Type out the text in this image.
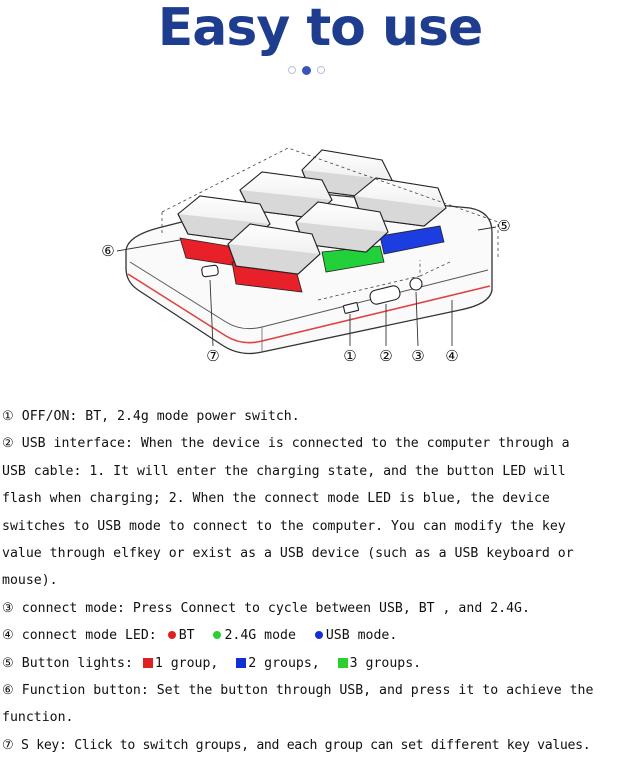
Easy to use
⑥
⑤
⑦	① ② ③ ④

① OFF/ON: BT, 2.4g mode power switch.

② USB interface: When the device is connected to the computer through a

USB cable: 1. It will enter the charging state, and the button LED will

flash when charging; 2. When the connect mode LED is blue, the device

switches to USB mode to connect to the computer. You can modify the key

value through elfkey or exist as a USB device (such as a USB keyboard or

mouse).

③ connect mode: Press Connect to cycle between USB, BT , and 2.4G.

④ connect mode LED: BT 2.4G mode USB mode.

⑤ Button lights: 1 group, 2 groups, 3 groups.

⑥ Function button: Set the button through USB, and press it to achieve the

function.

⑦ S key: Click to switch groups, and each group can set different key values.
